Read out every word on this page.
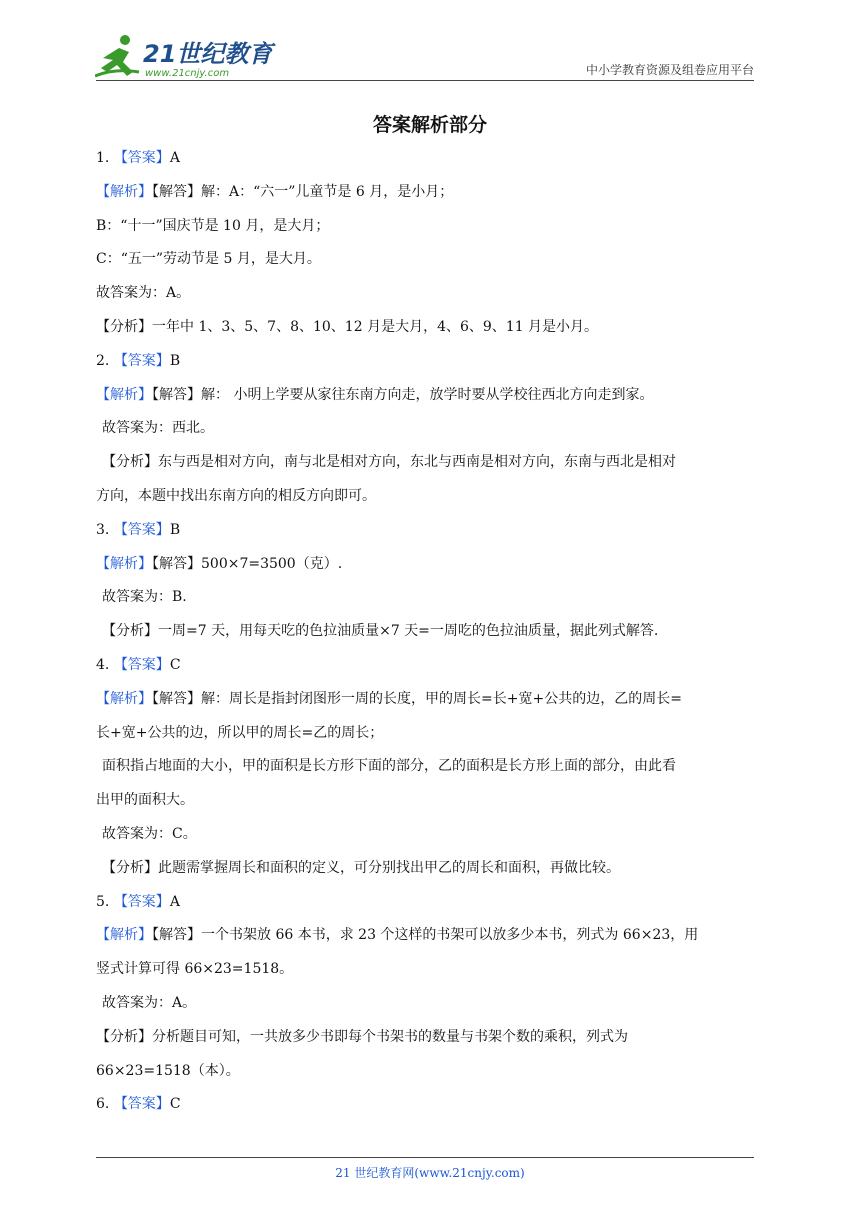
21世纪教育
www.21cnjy.com	中小学教育资源及组卷应用平台
答案解析部分
1. 【答案】A
【解析】【解答】解：A：“六一”儿童节是 6 月，是小月；
B：“十一”国庆节是 10 月，是大月；
C：“五一”劳动节是 5 月，是大月。
故答案为：A。
【分析】一年中 1、3、5、7、8、10、12 月是大月，4、6、9、11 月是小月。
2. 【答案】B
【解析】【解答】解： 小明上学要从家往东南方向走，放学时要从学校往西北方向走到家。
故答案为：西北。
【分析】东与西是相对方向，南与北是相对方向，东北与西南是相对方向，东南与西北是相对
方向，本题中找出东南方向的相反方向即可。
3. 【答案】B
【解析】【解答】500×7=3500（克）.
故答案为：B.
【分析】一周=7 天，用每天吃的色拉油质量×7 天=一周吃的色拉油质量，据此列式解答.
4. 【答案】C
【解析】【解答】解：周长是指封闭图形一周的长度，甲的周长=长+宽+公共的边，乙的周长=
长+宽+公共的边，所以甲的周长=乙的周长；
面积指占地面的大小，甲的面积是长方形下面的部分，乙的面积是长方形上面的部分，由此看
出甲的面积大。
故答案为：C。
【分析】此题需掌握周长和面积的定义，可分别找出甲乙的周长和面积，再做比较。
5. 【答案】A
【解析】【解答】一个书架放 66 本书，求 23 个这样的书架可以放多少本书，列式为 66×23，用
竖式计算可得 66×23=1518。
故答案为：A。
【分析】分析题目可知，一共放多少书即每个书架书的数量与书架个数的乘积，列式为
66×23=1518（本）。
6. 【答案】C
21 世纪教育网(www.21cnjy.com)
